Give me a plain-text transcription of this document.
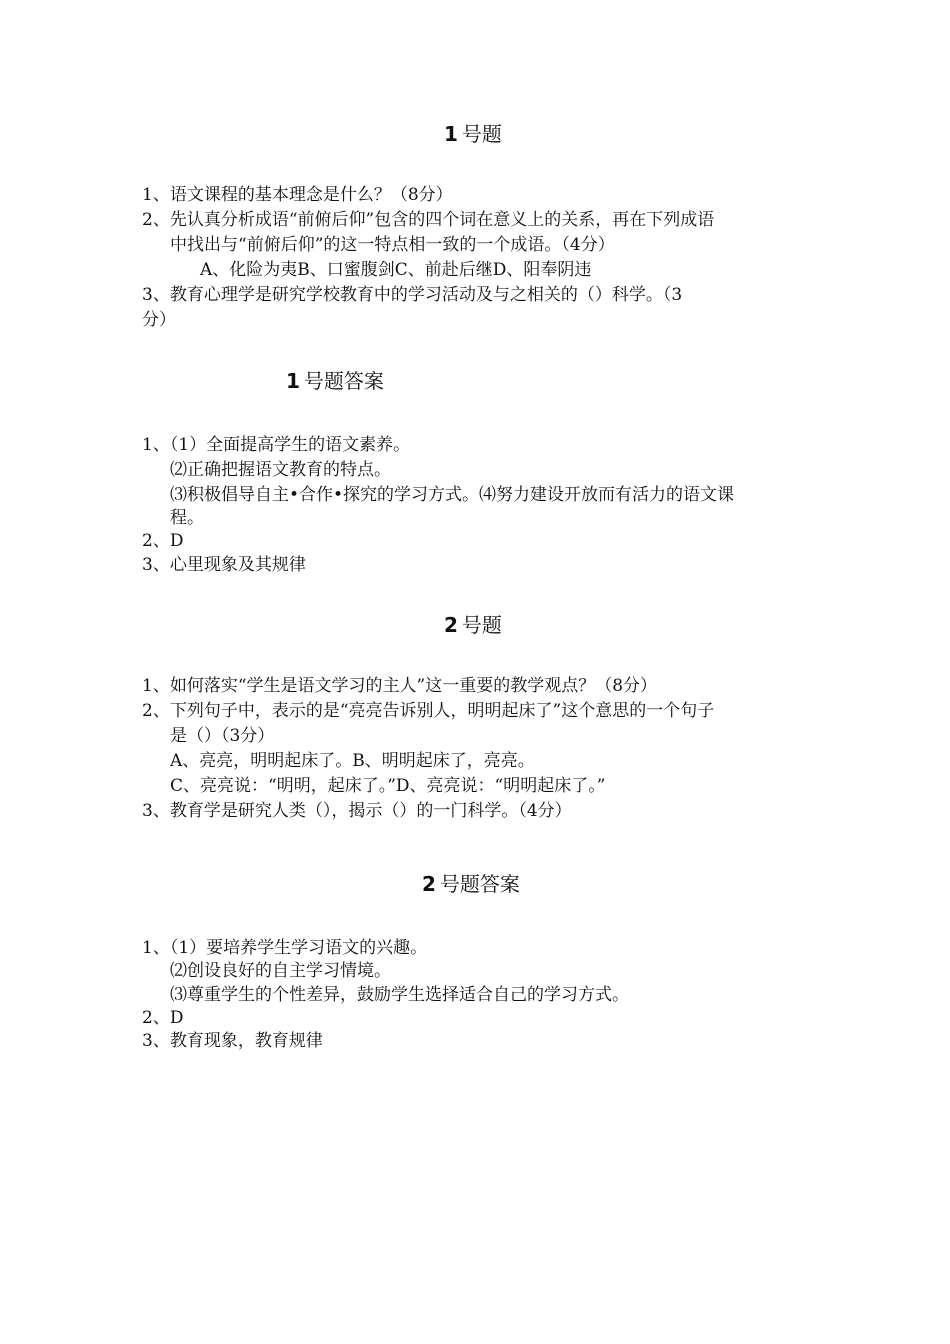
1 号题
1、语文课程的基本理念是什么？（8分）
2、先认真分析成语“前俯后仰”包含的四个词在意义上的关系，再在下列成语
中找出与“前俯后仰”的这一特点相一致的一个成语。（4分）
A、化险为夷B、口蜜腹剑C、前赴后继D、阳奉阴违
3、教育心理学是研究学校教育中的学习活动及与之相关的（）科学。（3
分）
1 号题答案
1、（1）全面提高学生的语文素养。
⑵正确把握语文教育的特点。
⑶积极倡导自主•合作•探究的学习方式。⑷努力建设开放而有活力的语文课
程。
2、D
3、心里现象及其规律
2 号题
1、如何落实“学生是语文学习的主人”这一重要的教学观点？（8分）
2、下列句子中，表示的是“亮亮告诉别人，明明起床了”这个意思的一个句子
是（）（3分）
A、亮亮，明明起床了。B、明明起床了，亮亮。
C、亮亮说：“明明，起床了。”D、亮亮说：“明明起床了。”
3、教育学是研究人类（），揭示（）的一门科学。（4分）
2 号题答案
1、（1）要培养学生学习语文的兴趣。
⑵创设良好的自主学习情境。
⑶尊重学生的个性差异，鼓励学生选择适合自己的学习方式。
2、D
3、教育现象，教育规律
